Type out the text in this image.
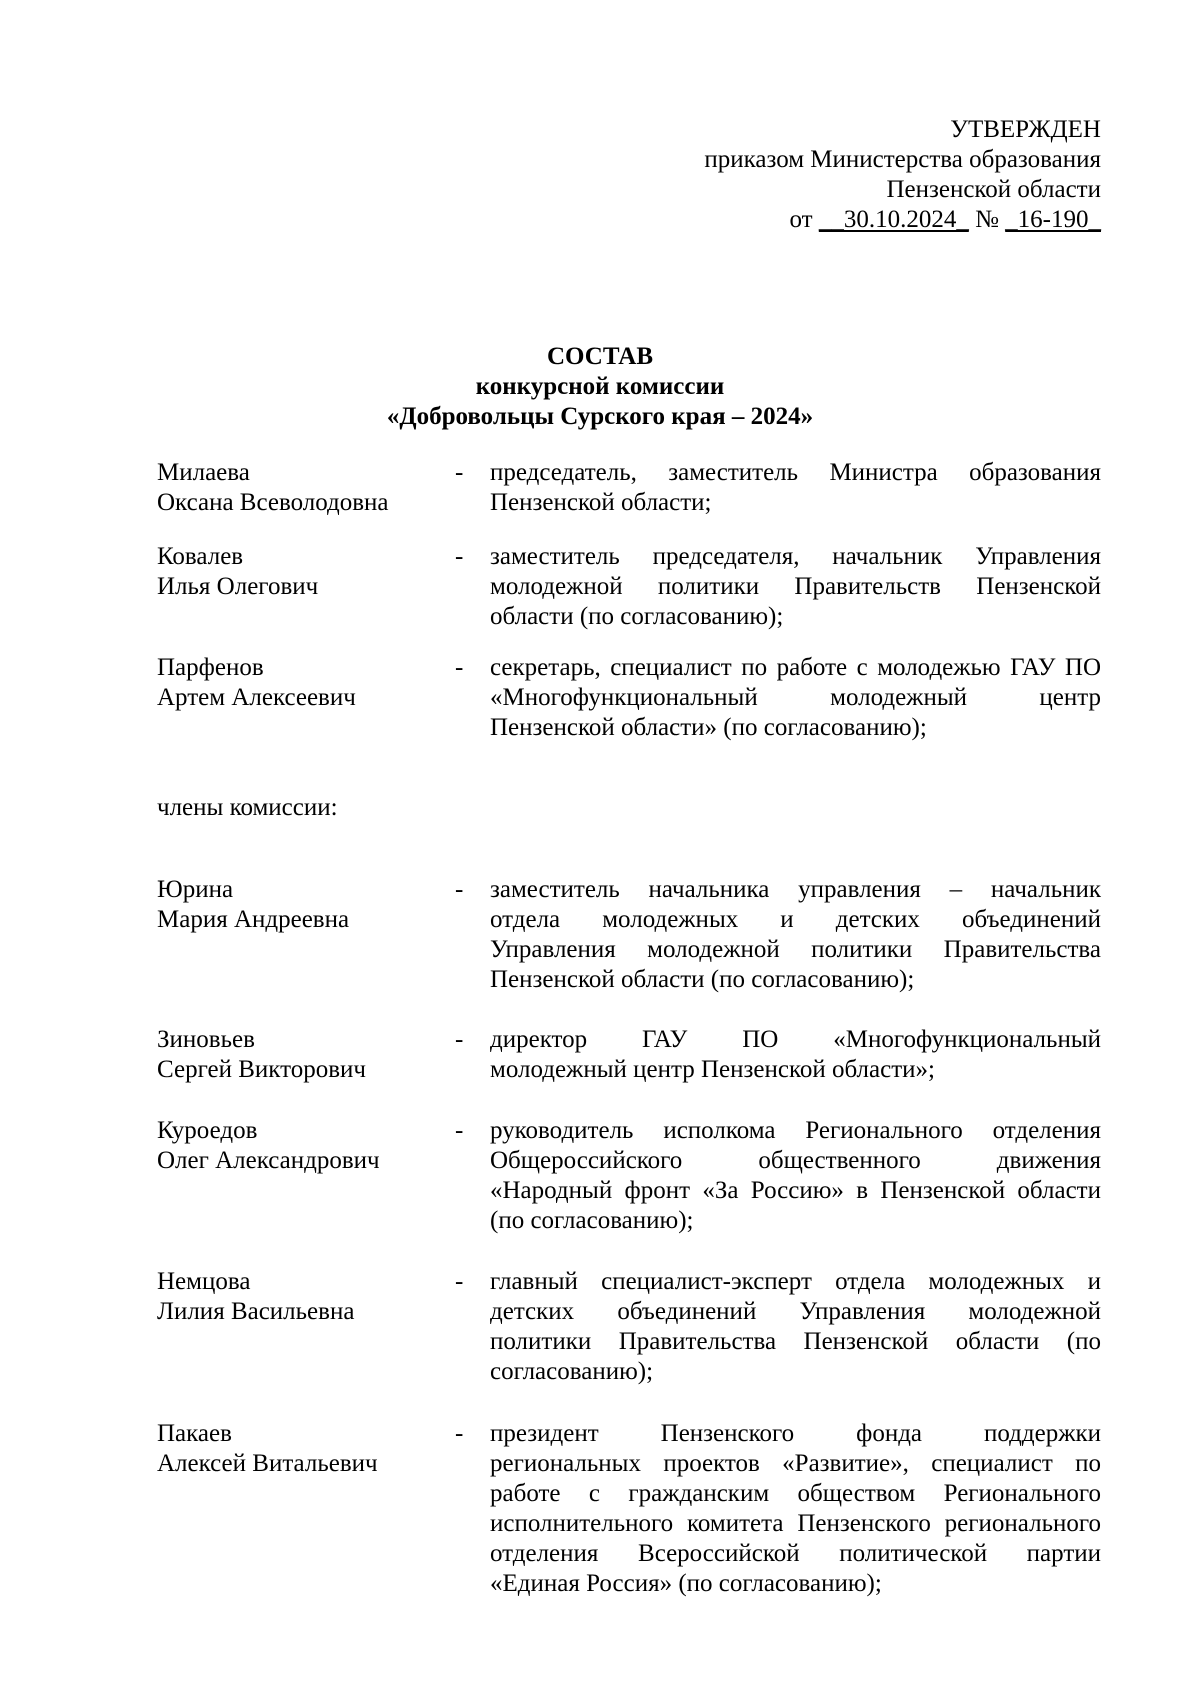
УТВЕРЖДЕН
приказом Министерства образования
Пензенской области
от __30.10.2024_ № _16-190_
СОСТАВ
конкурсной комиссии
«Добровольцы Сурского края – 2024»
Милаева
Оксана Всеволодовна
- председатель, заместитель Министра образования
Пензенской области;
Ковалев
Илья Олегович
- заместитель председателя, начальник Управления
молодежной политики Правительств Пензенской
области (по согласованию);
Парфенов
Артем Алексеевич
- секретарь, специалист по работе с молодежью ГАУ ПО
«Многофункциональный молодежный центр
Пензенской области» (по согласованию);
члены комиссии:
Юрина
Мария Андреевна
- заместитель начальника управления – начальник
отдела молодежных и детских объединений
Управления молодежной политики Правительства
Пензенской области (по согласованию);
Зиновьев
Сергей Викторович
- директор ГАУ ПО «Многофункциональный
молодежный центр Пензенской области»;
Куроедов
Олег Александрович
- руководитель исполкома Регионального отделения
Общероссийского общественного движения
«Народный фронт «За Россию» в Пензенской области
(по согласованию);
Немцова
Лилия Васильевна
- главный специалист-эксперт отдела молодежных и
детских объединений Управления молодежной
политики Правительства Пензенской области (по
согласованию);
Пакаев
Алексей Витальевич
- президент Пензенского фонда поддержки
региональных проектов «Развитие», специалист по
работе с гражданским обществом Регионального
исполнительного комитета Пензенского регионального
отделения Всероссийской политической партии
«Единая Россия» (по согласованию);
